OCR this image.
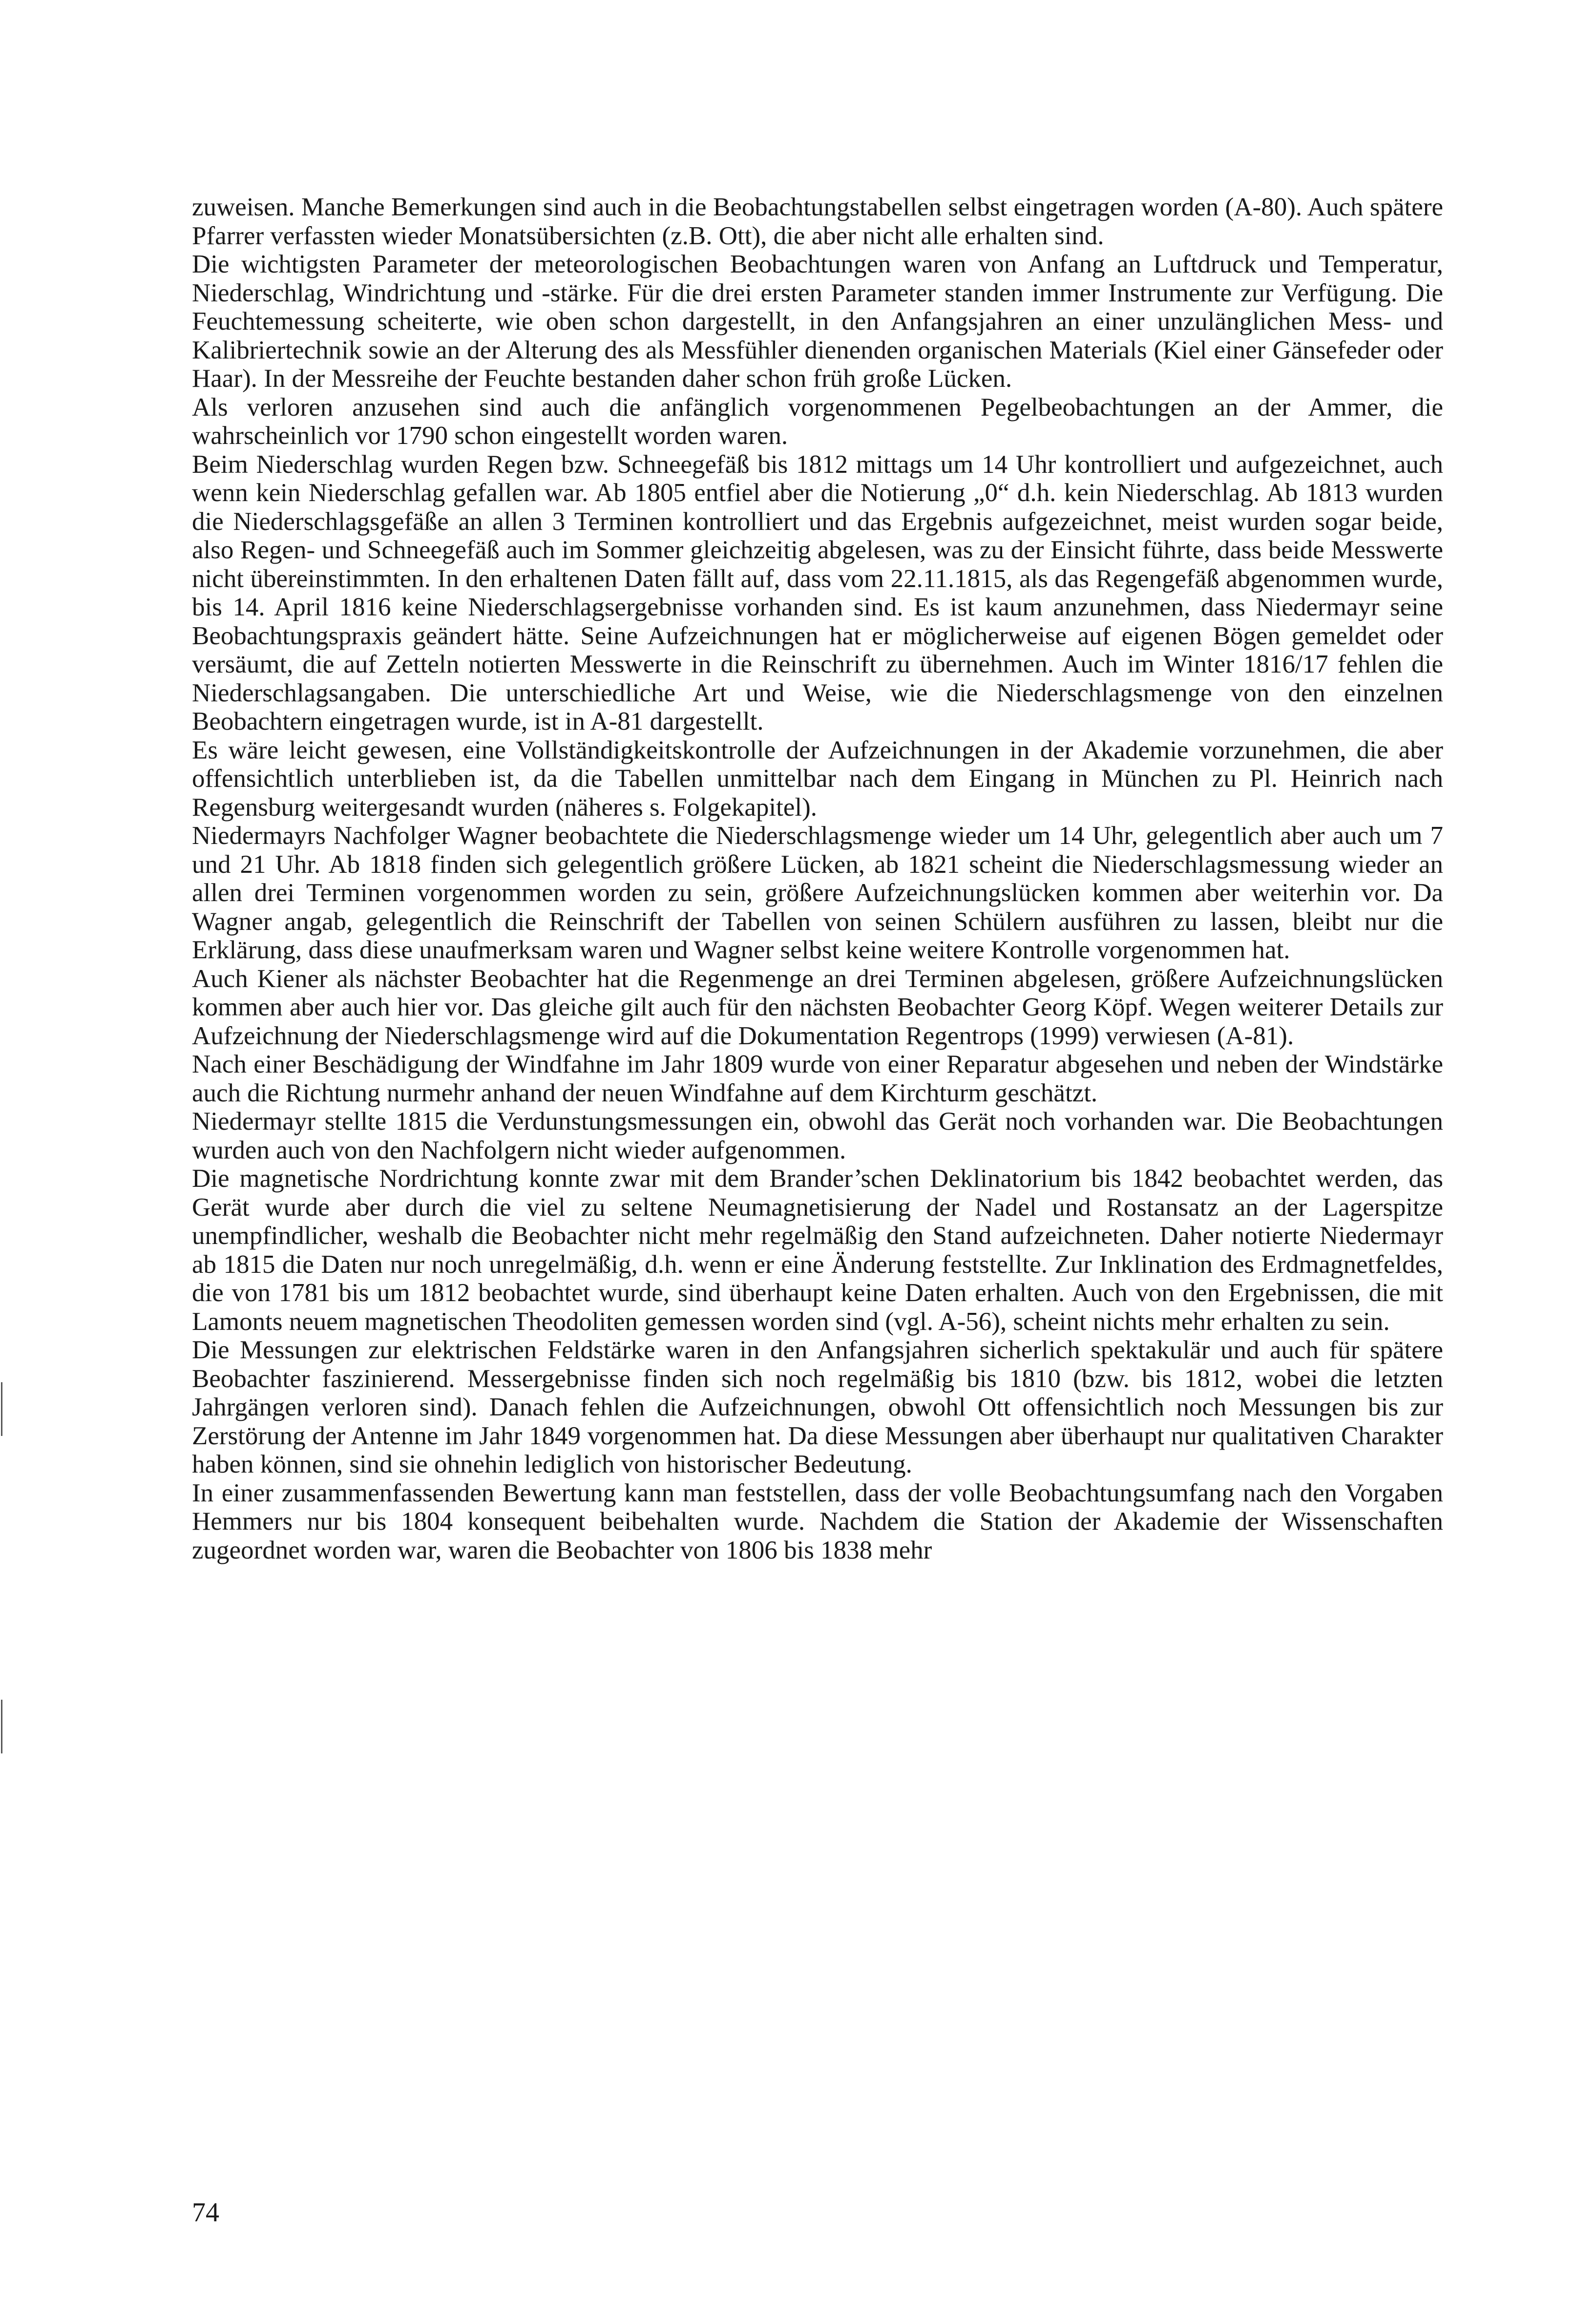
zuweisen. Manche Bemerkungen sind auch in die Beobachtungstabellen selbst eingetragen worden (A-80). Auch spätere Pfarrer verfassten wieder Monatsübersichten (z.B. Ott), die aber nicht alle erhalten sind.

Die wichtigsten Parameter der meteorologischen Beobachtungen waren von Anfang an Luftdruck und Temperatur, Niederschlag, Windrichtung und -stärke. Für die drei ersten Parameter standen immer Instrumente zur Verfügung. Die Feuchtemessung scheiterte, wie oben schon dargestellt, in den Anfangsjahren an einer unzulänglichen Mess- und Kalibriertechnik sowie an der Alterung des als Messfühler dienenden organischen Materials (Kiel einer Gänsefeder oder Haar). In der Messreihe der Feuchte bestanden daher schon früh große Lücken.

Als verloren anzusehen sind auch die anfänglich vorgenommenen Pegelbeobachtungen an der Ammer, die wahrscheinlich vor 1790 schon eingestellt worden waren.

Beim Niederschlag wurden Regen bzw. Schneegefäß bis 1812 mittags um 14 Uhr kontrolliert und aufgezeichnet, auch wenn kein Niederschlag gefallen war. Ab 1805 entfiel aber die Notierung „0“ d.h. kein Niederschlag. Ab 1813 wurden die Niederschlagsgefäße an allen 3 Terminen kontrolliert und das Ergebnis aufgezeichnet, meist wurden sogar beide, also Regen- und Schneegefäß auch im Sommer gleichzeitig abgelesen, was zu der Einsicht führte, dass beide Messwerte nicht übereinstimmten. In den erhaltenen Daten fällt auf, dass vom 22.11.1815, als das Regengefäß abgenommen wurde, bis 14. April 1816 keine Niederschlagsergebnisse vorhanden sind. Es ist kaum anzunehmen, dass Niedermayr seine Beobachtungspraxis geändert hätte. Seine Aufzeichnungen hat er möglicherweise auf eigenen Bögen gemeldet oder versäumt, die auf Zetteln notierten Messwerte in die Reinschrift zu übernehmen. Auch im Winter 1816/17 fehlen die Niederschlagsangaben. Die unterschiedliche Art und Weise, wie die Niederschlagsmenge von den einzelnen Beobachtern eingetragen wurde, ist in A-81 dargestellt.

Es wäre leicht gewesen, eine Vollständigkeitskontrolle der Aufzeichnungen in der Akademie vorzunehmen, die aber offensichtlich unterblieben ist, da die Tabellen unmittelbar nach dem Eingang in München zu Pl. Heinrich nach Regensburg weitergesandt wurden (näheres s. Folgekapitel).

Niedermayrs Nachfolger Wagner beobachtete die Niederschlagsmenge wieder um 14 Uhr, gelegentlich aber auch um 7 und 21 Uhr. Ab 1818 finden sich gelegentlich größere Lücken, ab 1821 scheint die Niederschlagsmessung wieder an allen drei Terminen vorgenommen worden zu sein, größere Aufzeichnungslücken kommen aber weiterhin vor. Da Wagner angab, gelegentlich die Reinschrift der Tabellen von seinen Schülern ausführen zu lassen, bleibt nur die Erklärung, dass diese unaufmerksam waren und Wagner selbst keine weitere Kontrolle vorgenommen hat.

Auch Kiener als nächster Beobachter hat die Regenmenge an drei Terminen abgelesen, größere Aufzeichnungslücken kommen aber auch hier vor. Das gleiche gilt auch für den nächsten Beobachter Georg Köpf. Wegen weiterer Details zur Aufzeichnung der Niederschlagsmenge wird auf die Dokumentation Regentrops (1999) verwiesen (A-81).

Nach einer Beschädigung der Windfahne im Jahr 1809 wurde von einer Reparatur abgesehen und neben der Windstärke auch die Richtung nurmehr anhand der neuen Windfahne auf dem Kirchturm geschätzt.

Niedermayr stellte 1815 die Verdunstungsmessungen ein, obwohl das Gerät noch vorhanden war. Die Beobachtungen wurden auch von den Nachfolgern nicht wieder aufgenommen.

Die magnetische Nordrichtung konnte zwar mit dem Brander’schen Deklinatorium bis 1842 beobachtet werden, das Gerät wurde aber durch die viel zu seltene Neumagnetisierung der Nadel und Rostansatz an der Lagerspitze unempfindlicher, weshalb die Beobachter nicht mehr regelmäßig den Stand aufzeichneten. Daher notierte Niedermayr ab 1815 die Daten nur noch unregelmäßig, d.h. wenn er eine Änderung feststellte. Zur Inklination des Erdmagnetfeldes, die von 1781 bis um 1812 beobachtet wurde, sind überhaupt keine Daten erhalten. Auch von den Ergebnissen, die mit Lamonts neuem magnetischen Theodoliten gemessen worden sind (vgl. A-56), scheint nichts mehr erhalten zu sein.

Die Messungen zur elektrischen Feldstärke waren in den Anfangsjahren sicherlich spektakulär und auch für spätere Beobachter faszinierend. Messergebnisse finden sich noch regelmäßig bis 1810 (bzw. bis 1812, wobei die letzten Jahrgängen verloren sind). Danach fehlen die Aufzeichnungen, obwohl Ott offensichtlich noch Messungen bis zur Zerstörung der Antenne im Jahr 1849 vorgenommen hat. Da diese Messungen aber überhaupt nur qualitativen Charakter haben können, sind sie ohnehin lediglich von historischer Bedeutung.

In einer zusammenfassenden Bewertung kann man feststellen, dass der volle Beobachtungsumfang nach den Vorgaben Hemmers nur bis 1804 konsequent beibehalten wurde. Nachdem die Station der Akademie der Wissenschaften zugeordnet worden war, waren die Beobachter von 1806 bis 1838 mehr

74
